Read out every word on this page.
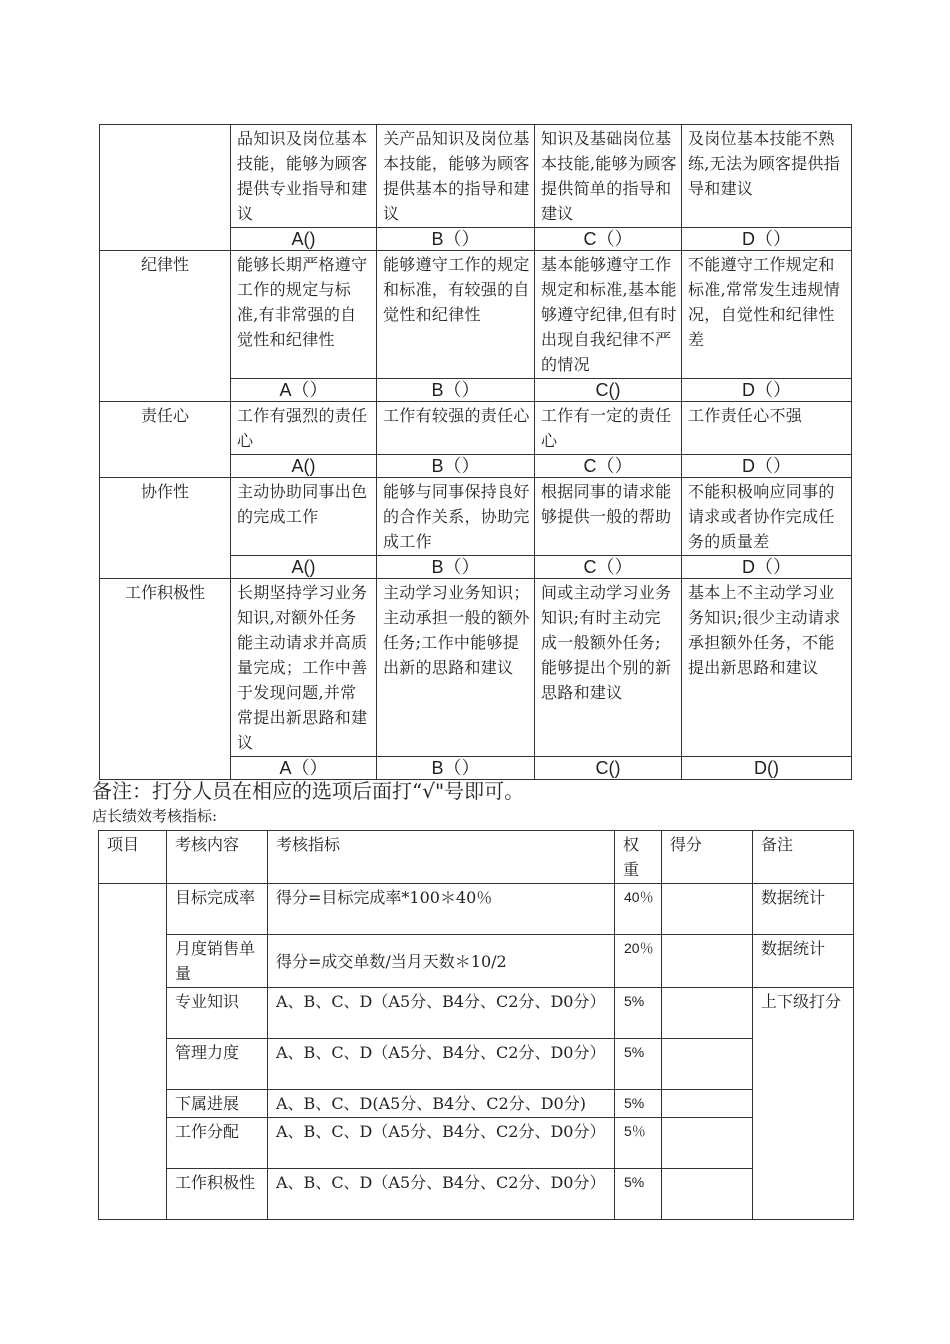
	品知识及岗位基本技能，能够为顾客提供专业指导和建议	关产品知识及岗位基本技能，能够为顾客提供基本的指导和建议	知识及基础岗位基本技能,能够为顾客提供简单的指导和建议	及岗位基本技能不熟练,无法为顾客提供指导和建议
	A()	B（）	C（）	D（）
纪律性	能够长期严格遵守工作的规定与标准,有非常强的自觉性和纪律性	能够遵守工作的规定和标准，有较强的自觉性和纪律性	基本能够遵守工作规定和标准,基本能够遵守纪律,但有时出现自我纪律不严的情况	不能遵守工作规定和标准,常常发生违规情况，自觉性和纪律性差
	A（）	B（）	C()	D（）
责任心	工作有强烈的责任心	工作有较强的责任心	工作有一定的责任心	工作责任心不强
	A()	B（）	C（）	D（）
协作性	主动协助同事出色的完成工作	能够与同事保持良好的合作关系，协助完成工作	根据同事的请求能够提供一般的帮助	不能积极响应同事的请求或者协作完成任务的质量差
	A()	B（）	C（）	D（）
工作积极性	长期坚持学习业务知识,对额外任务能主动请求并高质量完成；工作中善于发现问题,并常常提出新思路和建议	主动学习业务知识；主动承担一般的额外任务;工作中能够提出新的思路和建议	间或主动学习业务知识;有时主动完成一般额外任务;能够提出个别的新思路和建议	基本上不主动学习业务知识;很少主动请求承担额外任务，不能提出新思路和建议
	A（）	B（）	C()	D()
备注：打分人员在相应的选项后面打“√"号即可。
店长绩效考核指标:
项目	考核内容	考核指标	权重	得分	备注
	目标完成率	得分=目标完成率*100＊40％	40％		数据统计
	月度销售单量	得分=成交单数/当月天数＊10/2	20％		数据统计
	专业知识	A、B、C、D（A5分、B4分、C2分、D0分）	5%		上下级打分
	管理力度	A、B、C、D（A5分、B4分、C2分、D0分）	5%		
	下属进展	A、B、C、D(A5分、B4分、C2分、D0分)	5%		
	工作分配	A、B、C、D（A5分、B4分、C2分、D0分）	5％		
	工作积极性	A、B、C、D（A5分、B4分、C2分、D0分）	5%		
